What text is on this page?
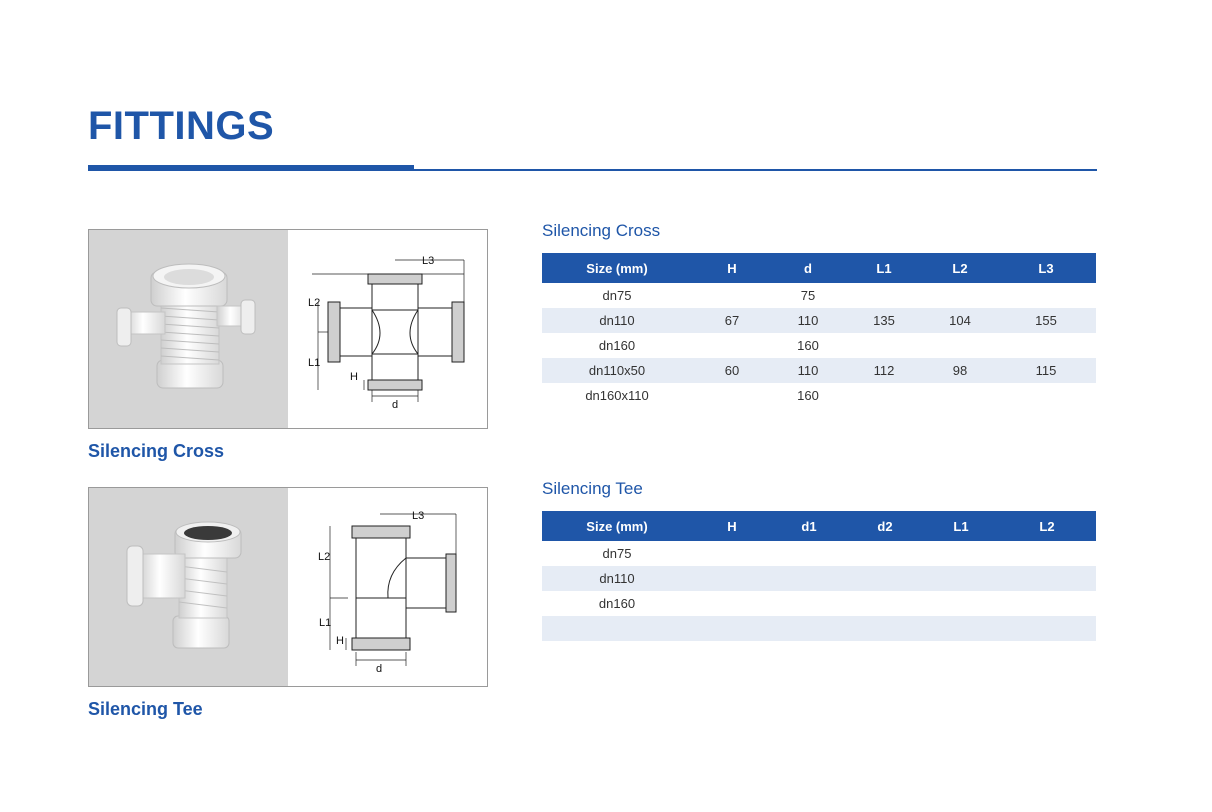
FITTINGS
L3
L2
L1
H
d

Silencing Cross

L3
L2
L1
H
d

Silencing Tee

Silencing Cross

Size (mm)	H	d	L1	L2	L3
dn75		75			
dn110	67	110	135	104	155
dn160		160			
dn110x50	60	110	112	98	115
dn160x110		160			

Silencing Tee

Size (mm)	H	d1	d2	L1	L2
dn75					
dn110					
dn160					
